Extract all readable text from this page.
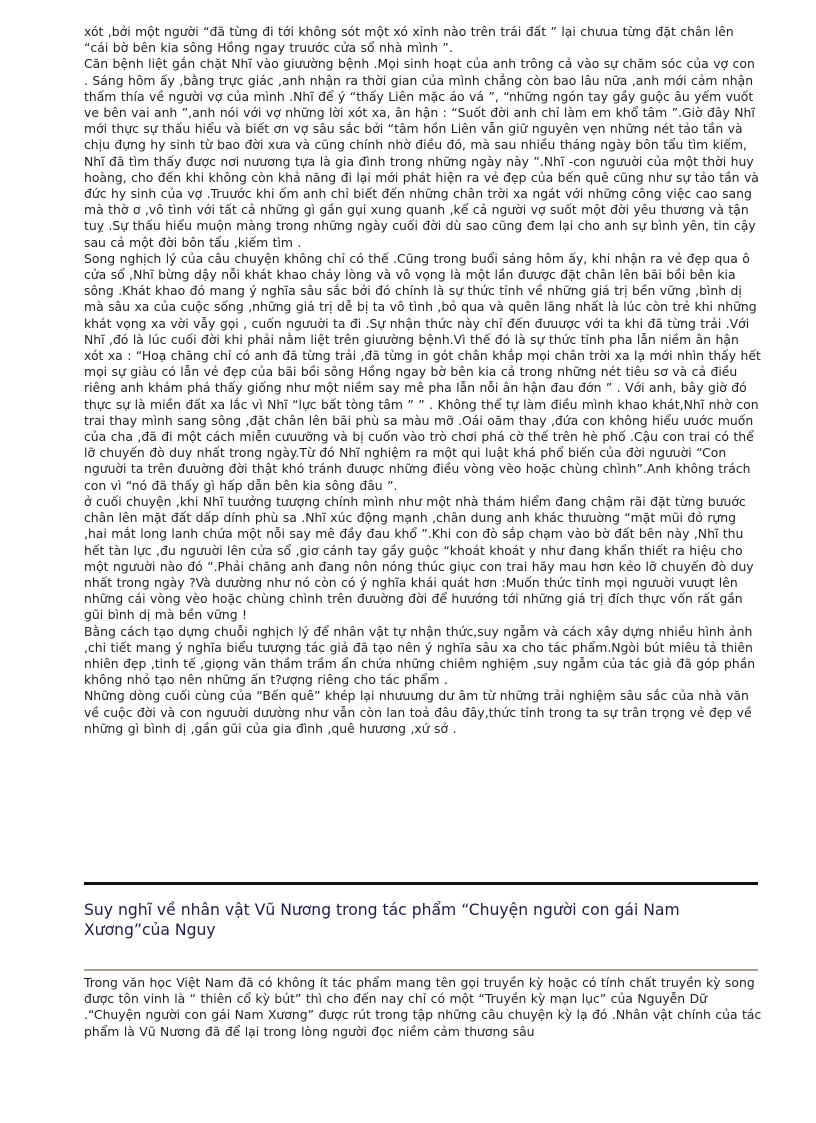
xót ,bởi một người “đã từng đi tới không sót một xó xỉnh nào trên trái đất ” lại chưua từng đặt chân lên “cái bờ bên kia sông Hồng ngay truước cửa sổ nhà mình ”.

Căn bệnh liệt gắn chặt Nhĩ vào giưường bệnh .Mọi sinh hoạt của anh trông cả vào sự chăm sóc của vợ con . Sáng hôm ấy ,bằng trực giác ,anh nhận ra thời gian của mình chẳng còn bao lâu nữa ,anh mới cảm nhận thấm thía về người vợ của mình .Nhĩ để ý “thấy Liên mặc áo vá ”, “những ngón tay gầy guộc âu yếm vuốt ve bên vai anh ”,anh nói với vợ những lời xót xa, ân hận : “Suốt đời anh chỉ làm em khổ tâm ”.Giờ đây Nhĩ mới thực sự thấu hiểu và biết ơn vợ sâu sắc bởi “tâm hồn Liên vẫn giữ nguyên vẹn những nét tảo tần và chịu đựng hy sinh từ bao đời xưa và cũng chính nhờ điều đó, mà sau nhiều tháng ngày bôn tẩu tìm kiếm, Nhĩ đã tìm thấy được nơi nưương tựa là gia đình trong những ngày này ”.Nhĩ -con ngưuời của một thời huy hoàng, cho đến khi không còn khả năng đi lại mới phát hiện ra vẻ đẹp của bến quê cũng như sự tảo tần và đức hy sinh của vợ .Truước khi ốm anh chỉ biết đến những chân trời xa ngát với những công việc cao sang mà thờ ơ ,vô tình với tất cả những gì gần gụi xung quanh ,kể cả người vợ suốt một đời yêu thương và tận tuỵ .Sự thấu hiểu muộn màng trong những ngày cuối đời dù sao cũng đem lại cho anh sự bình yên, tin cậy sau cả một đời bôn tẩu ,kiếm tìm .

Song nghịch lý của câu chuyện không chỉ có thế .Cũng trong buổi sáng hôm ấy, khi nhận ra vẻ đẹp qua ô cửa sổ ,Nhĩ bừng dậy nỗi khát khao cháy lòng và vô vọng là một lần đưược đặt chân lên bãi bồi bên kia sông .Khát khao đó mang ý nghĩa sâu sắc bởi đó chính là sự thức tỉnh về những giá trị bền vững ,bình dị mà sâu xa của cuộc sống ,những giá trị dễ bị ta vô tình ,bỏ qua và quên lãng nhất là lúc còn trẻ khi những khát vọng xa vời vẫy gọi , cuốn ngưuời ta đi .Sự nhận thức này chỉ đến đưuược với ta khi đã từng trải .Với Nhĩ ,đó là lúc cuối đời khi phải nằm liệt trên giưường bệnh.Vì thế đó là sự thức tỉnh pha lẫn niềm ân hận xót xa : “Hoạ chăng chỉ có anh đã từng trải ,đã từng in gót chân khắp mọi chân trời xa lạ mới nhìn thấy hết mọi sự giàu có lẫn vẻ đẹp của bãi bồi sông Hồng ngay bờ bên kia cả trong những nét tiêu sơ và cả điều riêng anh khám phá thấy giống như một niềm say mê pha lẫn nỗi ân hận đau đớn ” . Với anh, bây giờ đó thực sự là miền đất xa lắc vì Nhĩ “lực bất tòng tâm ” ” . Không thể tự làm điều mình khao khát,Nhĩ nhờ con trai thay mình sang sông ,đặt chân lên bãi phù sa màu mỡ .Oái oăm thay ,đứa con không hiểu ưuớc muốn của cha ,đã đi một cách miễn cưuưỡng và bị cuốn vào trò chơi phá cờ thế trên hè phố .Cậu con trai có thể lỡ chuyến đò duy nhất trong ngày.Từ đó Nhĩ nghiệm ra một qui luật khá phổ biến của đời ngưuời “Con ngưuời ta trên đưuờng đời thật khó tránh đưuợc những điều vòng vèo hoặc chùng chình”.Anh không trách con vì “nó đã thấy gì hấp dẫn bên kia sông đâu ”.

ở cuối chuyện ,khi Nhĩ tuưởng tưượng chính mình như một nhà thám hiểm đang chậm rãi đặt từng bưuớc chân lên mặt đất dấp dính phù sa .Nhĩ xúc động mạnh ,chân dung anh khác thưuờng “mặt mũi đỏ rựng ,hai mắt long lanh chứa một nỗi say mê đầy đau khổ ”.Khi con đò sắp chạm vào bờ đất bên này ,Nhĩ thu hết tàn lực ,đu ngưuời lên cửa sổ ,giơ cánh tay gầy guộc “khoát khoát y như đang khẩn thiết ra hiệu cho một ngưuời nào đó ”.Phải chăng anh đang nôn nóng thúc giục con trai hãy mau hơn kẻo lỡ chuyến đò duy nhất trong ngày ?Và dưường như nó còn có ý nghĩa khái quát hơn :Muốn thức tỉnh mọi ngưuời vưuợt lên những cái vòng vèo hoặc chùng chình trên đưuờng đời để hưướng tới những giá trị đích thực vốn rất gần gũi bình dị mà bền vững !

Bằng cách tạo dựng chuỗi nghịch lý để nhân vật tự nhận thức,suy ngẫm và cách xây dựng nhiều hình ảnh ,chi tiết mang ý nghĩa biểu tưượng tác giả đã tạo nên ý nghĩa sâu xa cho tác phẩm.Ngòi bút miêu tả thiên nhiên đẹp ,tinh tế ,giọng văn thầm trầm ẩn chứa những chiêm nghiệm ,suy ngẫm của tác giả đã góp phần không nhỏ tạo nên những ấn t?ượng riêng cho tác phẩm .

Những dòng cuối cùng của “Bến quê” khép lại nhưuưng dư âm từ những trải nghiệm sâu sắc của nhà văn về cuộc đời và con ngưuời dưường như vẫn còn lan toả đâu đây,thức tỉnh trong ta sự trân trọng vẻ đẹp về những gì bình dị ,gần gũi của gia đình ,quê hưương ,xứ sở .

Suy nghĩ về nhân vật Vũ Nương trong tác phẩm “Chuyện người con gái Nam Xương”của Nguy

Trong văn học Việt Nam đã có không ít tác phẩm mang tên gọi truyền kỳ hoặc có tính chất truyền kỳ song được tôn vinh là “ thiên cổ kỳ bút” thì cho đến nay chỉ có một “Truyền kỳ mạn lục” của Nguyễn Dữ .“Chuyện người con gái Nam Xương” được rút trong tập những câu chuyện kỳ lạ đó .Nhân vật chính của tác phẩm là Vũ Nương đã để lại trong lòng người đọc niềm cảm thương sâu
